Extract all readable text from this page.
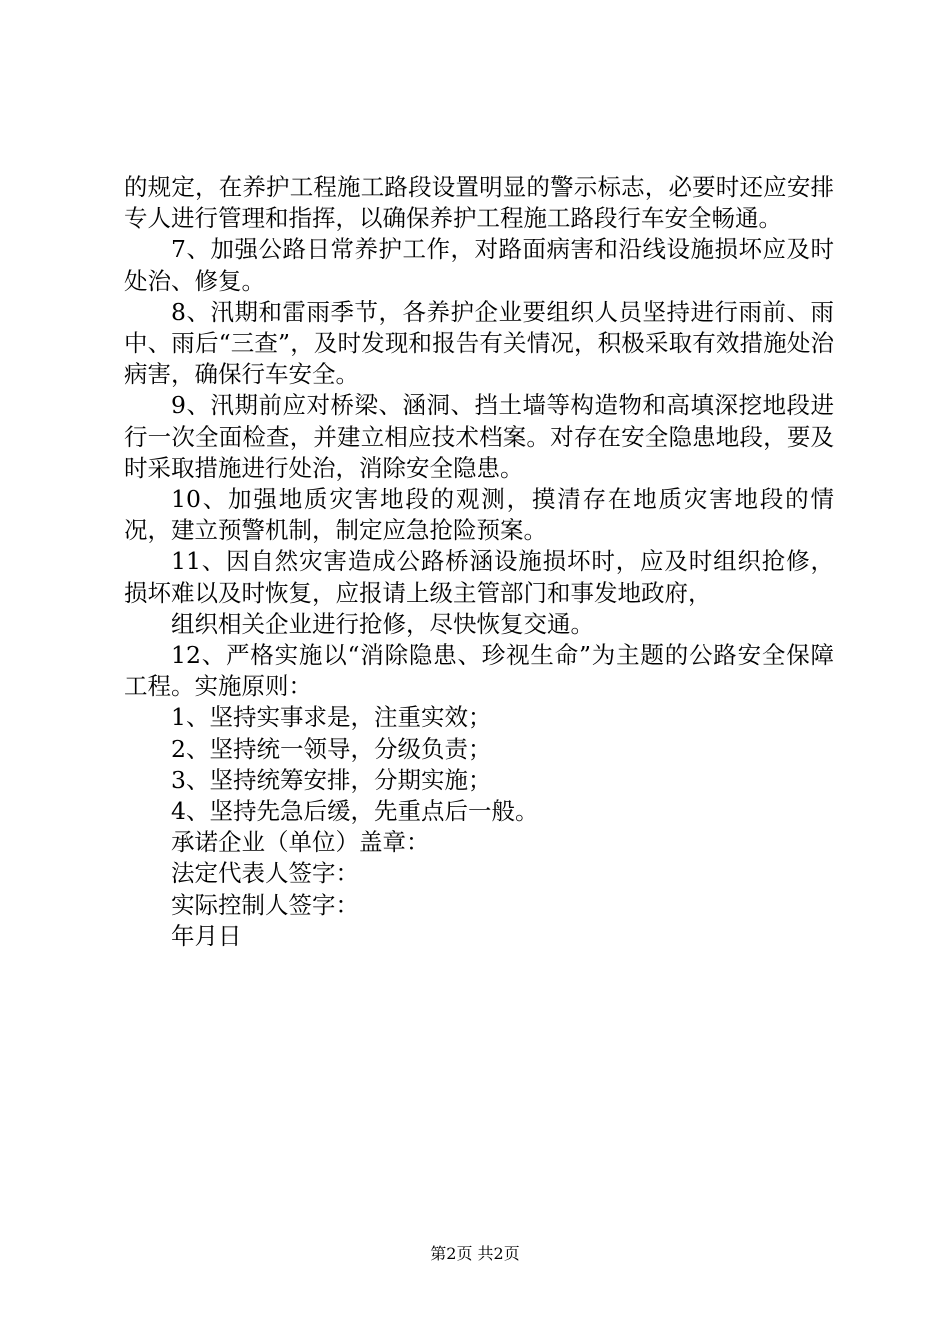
的规定，在养护工程施工路段设置明显的警示标志，必要时还应安排专人进行管理和指挥，以确保养护工程施工路段行车安全畅通。

7、加强公路日常养护工作，对路面病害和沿线设施损坏应及时处治、修复。

8、汛期和雷雨季节，各养护企业要组织人员坚持进行雨前、雨中、雨后“三查”，及时发现和报告有关情况，积极采取有效措施处治病害，确保行车安全。

9、汛期前应对桥梁、涵洞、挡土墙等构造物和高填深挖地段进行一次全面检查，并建立相应技术档案。对存在安全隐患地段，要及时采取措施进行处治，消除安全隐患。

10、加强地质灾害地段的观测，摸清存在地质灾害地段的情况，建立预警机制，制定应急抢险预案。

11、因自然灾害造成公路桥涵设施损坏时，应及时组织抢修，损坏难以及时恢复，应报请上级主管部门和事发地政府，

组织相关企业进行抢修，尽快恢复交通。

12、严格实施以“消除隐患、珍视生命”为主题的公路安全保障工程。实施原则：

1、坚持实事求是，注重实效；

2、坚持统一领导，分级负责；

3、坚持统筹安排，分期实施；

4、坚持先急后缓，先重点后一般。

承诺企业（单位）盖章：

法定代表人签字：

实际控制人签字：

年月日

第2页 共2页
